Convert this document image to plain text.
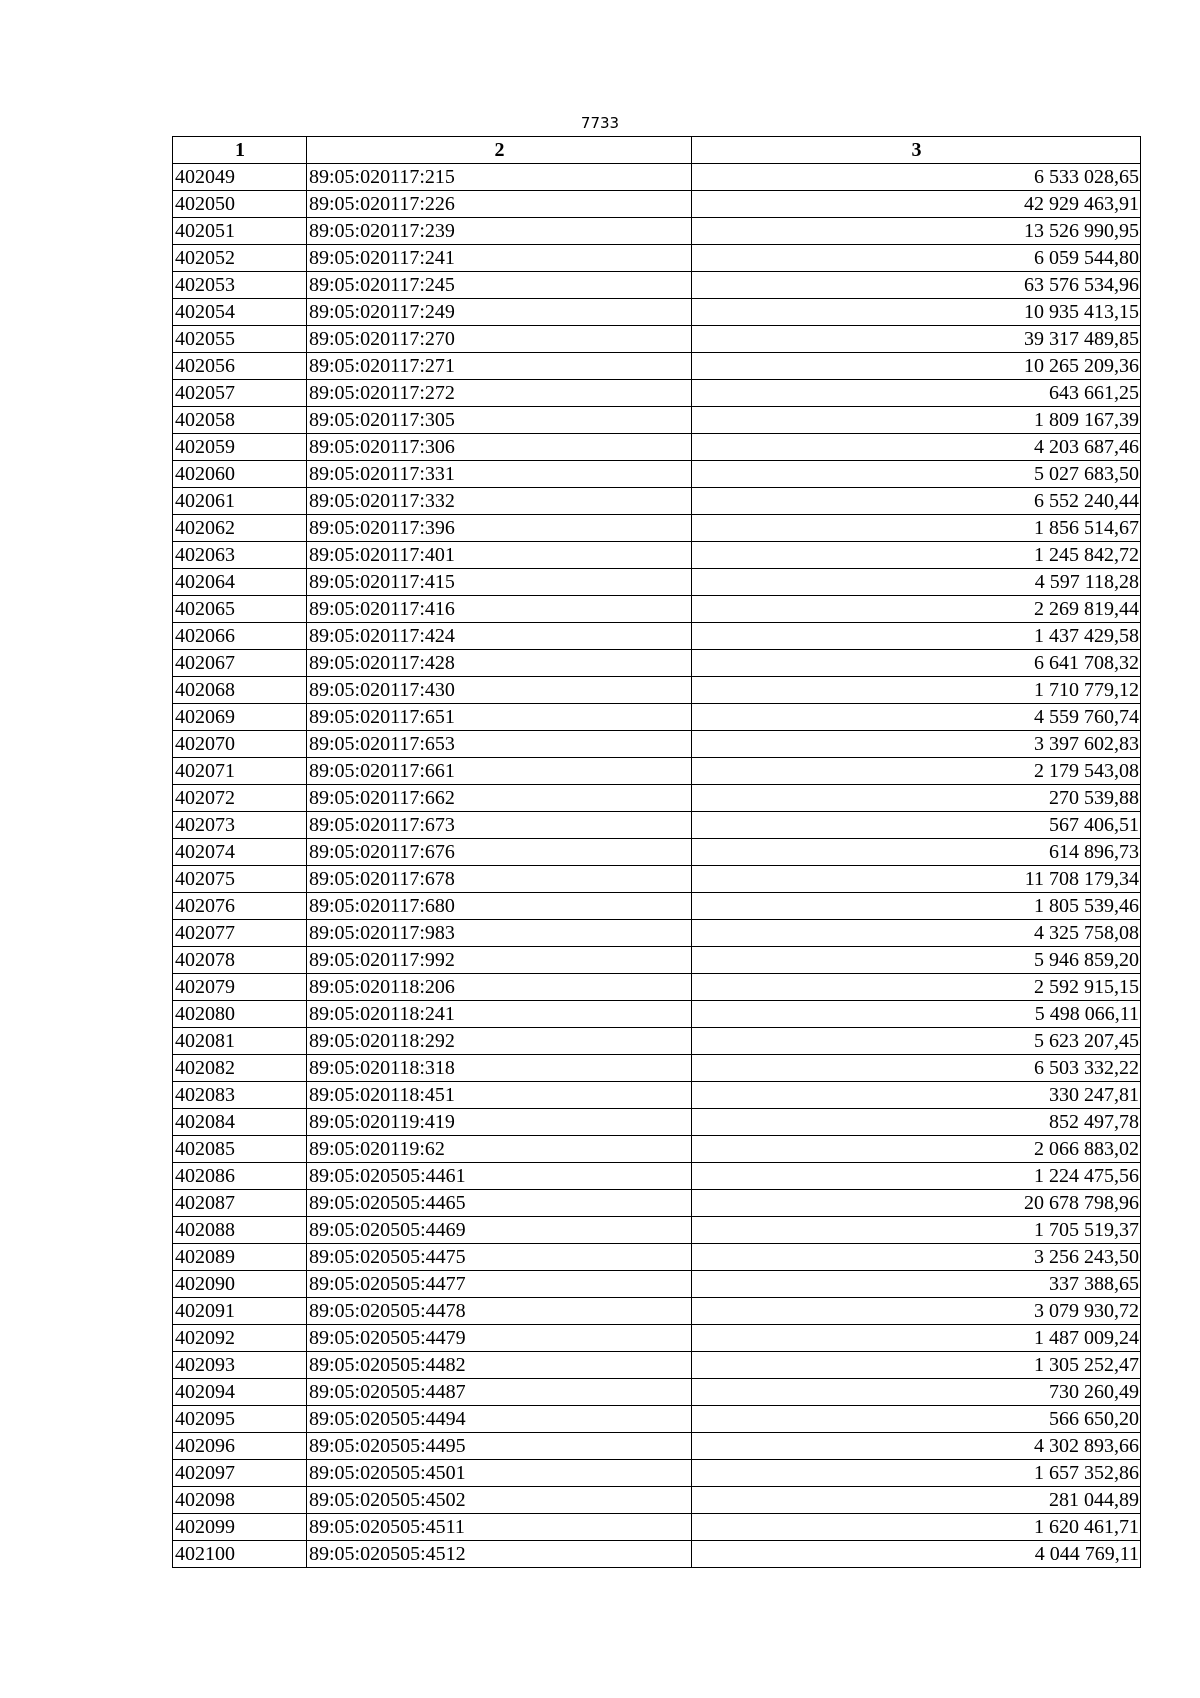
7733
1	2	3
402049	89:05:020117:215	6 533 028,65
402050	89:05:020117:226	42 929 463,91
402051	89:05:020117:239	13 526 990,95
402052	89:05:020117:241	6 059 544,80
402053	89:05:020117:245	63 576 534,96
402054	89:05:020117:249	10 935 413,15
402055	89:05:020117:270	39 317 489,85
402056	89:05:020117:271	10 265 209,36
402057	89:05:020117:272	643 661,25
402058	89:05:020117:305	1 809 167,39
402059	89:05:020117:306	4 203 687,46
402060	89:05:020117:331	5 027 683,50
402061	89:05:020117:332	6 552 240,44
402062	89:05:020117:396	1 856 514,67
402063	89:05:020117:401	1 245 842,72
402064	89:05:020117:415	4 597 118,28
402065	89:05:020117:416	2 269 819,44
402066	89:05:020117:424	1 437 429,58
402067	89:05:020117:428	6 641 708,32
402068	89:05:020117:430	1 710 779,12
402069	89:05:020117:651	4 559 760,74
402070	89:05:020117:653	3 397 602,83
402071	89:05:020117:661	2 179 543,08
402072	89:05:020117:662	270 539,88
402073	89:05:020117:673	567 406,51
402074	89:05:020117:676	614 896,73
402075	89:05:020117:678	11 708 179,34
402076	89:05:020117:680	1 805 539,46
402077	89:05:020117:983	4 325 758,08
402078	89:05:020117:992	5 946 859,20
402079	89:05:020118:206	2 592 915,15
402080	89:05:020118:241	5 498 066,11
402081	89:05:020118:292	5 623 207,45
402082	89:05:020118:318	6 503 332,22
402083	89:05:020118:451	330 247,81
402084	89:05:020119:419	852 497,78
402085	89:05:020119:62	2 066 883,02
402086	89:05:020505:4461	1 224 475,56
402087	89:05:020505:4465	20 678 798,96
402088	89:05:020505:4469	1 705 519,37
402089	89:05:020505:4475	3 256 243,50
402090	89:05:020505:4477	337 388,65
402091	89:05:020505:4478	3 079 930,72
402092	89:05:020505:4479	1 487 009,24
402093	89:05:020505:4482	1 305 252,47
402094	89:05:020505:4487	730 260,49
402095	89:05:020505:4494	566 650,20
402096	89:05:020505:4495	4 302 893,66
402097	89:05:020505:4501	1 657 352,86
402098	89:05:020505:4502	281 044,89
402099	89:05:020505:4511	1 620 461,71
402100	89:05:020505:4512	4 044 769,11
